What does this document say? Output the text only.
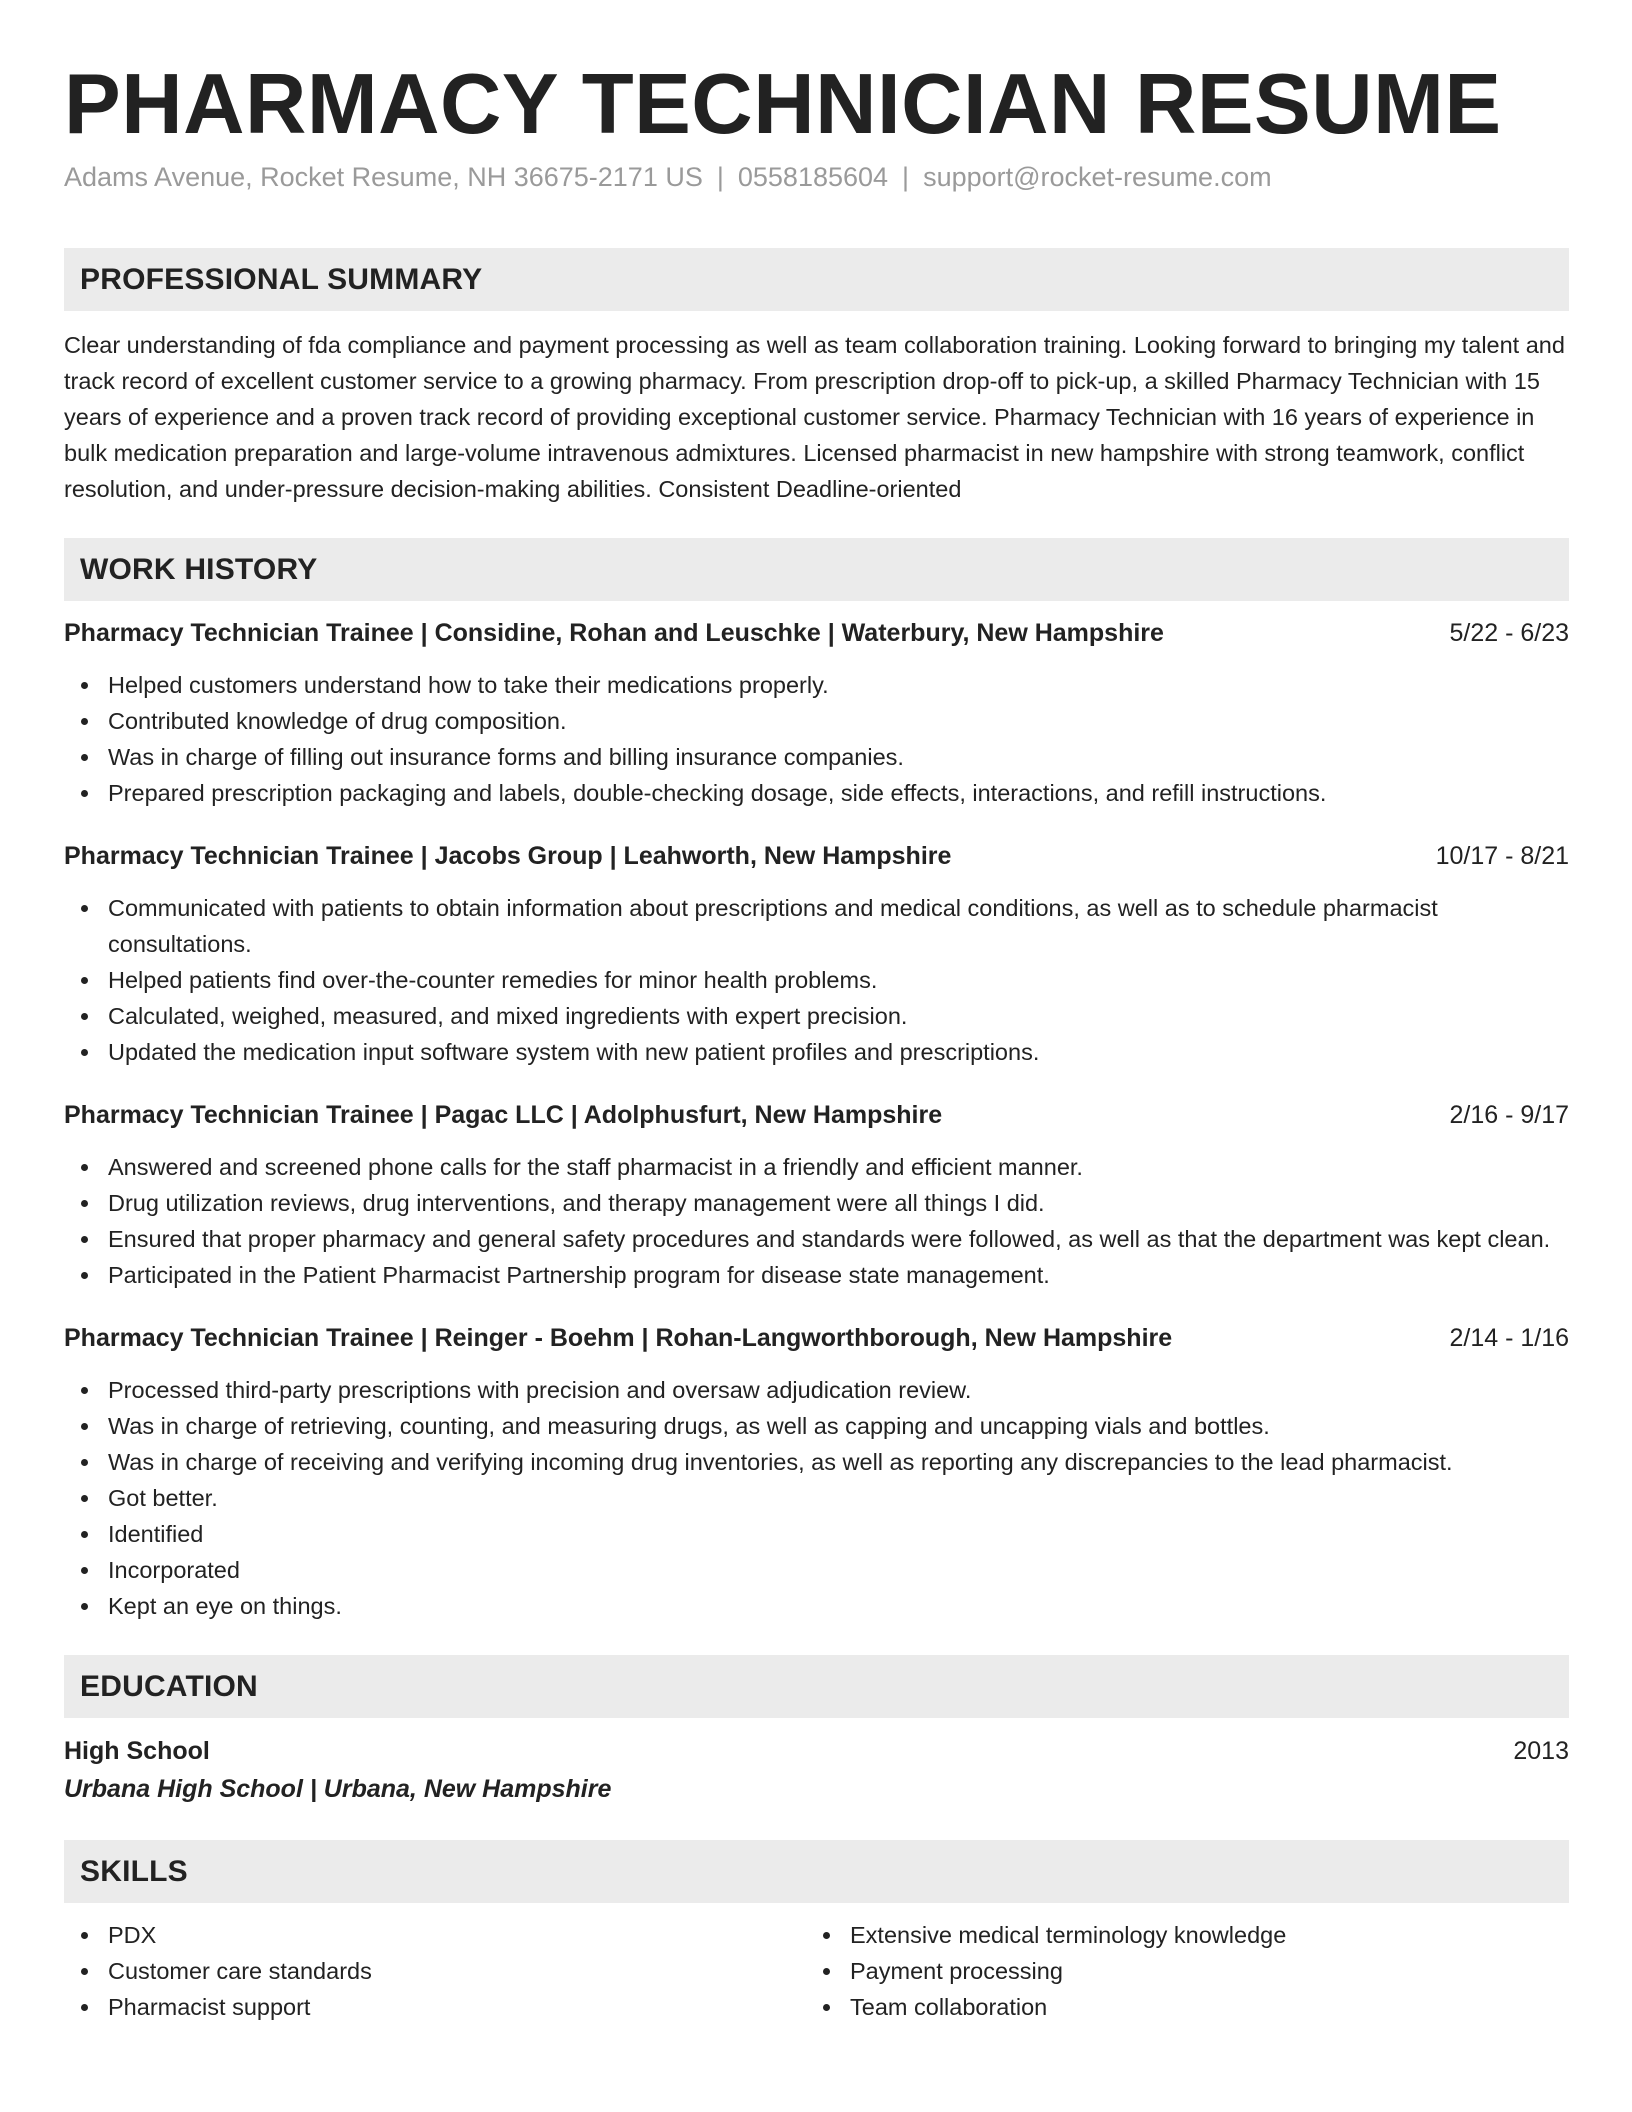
PHARMACY TECHNICIAN RESUME
Adams Avenue, Rocket Resume, NH 36675-2171 US | 0558185604 | support@rocket-resume.com
PROFESSIONAL SUMMARY
Clear understanding of fda compliance and payment processing as well as team collaboration training. Looking forward to bringing my talent and track record of excellent customer service to a growing pharmacy. From prescription drop-off to pick-up, a skilled Pharmacy Technician with 15 years of experience and a proven track record of providing exceptional customer service. Pharmacy Technician with 16 years of experience in bulk medication preparation and large-volume intravenous admixtures. Licensed pharmacist in new hampshire with strong teamwork, conflict resolution, and under-pressure decision-making abilities. Consistent Deadline-oriented
WORK HISTORY
Pharmacy Technician Trainee | Considine, Rohan and Leuschke | Waterbury, New Hampshire	5/22 - 6/23
Helped customers understand how to take their medications properly.
Contributed knowledge of drug composition.
Was in charge of filling out insurance forms and billing insurance companies.
Prepared prescription packaging and labels, double-checking dosage, side effects, interactions, and refill instructions.
Pharmacy Technician Trainee | Jacobs Group | Leahworth, New Hampshire	10/17 - 8/21
Communicated with patients to obtain information about prescriptions and medical conditions, as well as to schedule pharmacist consultations.
Helped patients find over-the-counter remedies for minor health problems.
Calculated, weighed, measured, and mixed ingredients with expert precision.
Updated the medication input software system with new patient profiles and prescriptions.
Pharmacy Technician Trainee | Pagac LLC | Adolphusfurt, New Hampshire	2/16 - 9/17
Answered and screened phone calls for the staff pharmacist in a friendly and efficient manner.
Drug utilization reviews, drug interventions, and therapy management were all things I did.
Ensured that proper pharmacy and general safety procedures and standards were followed, as well as that the department was kept clean.
Participated in the Patient Pharmacist Partnership program for disease state management.
Pharmacy Technician Trainee | Reinger - Boehm | Rohan-Langworthborough, New Hampshire	2/14 - 1/16
Processed third-party prescriptions with precision and oversaw adjudication review.
Was in charge of retrieving, counting, and measuring drugs, as well as capping and uncapping vials and bottles.
Was in charge of receiving and verifying incoming drug inventories, as well as reporting any discrepancies to the lead pharmacist.
Got better.
Identified
Incorporated
Kept an eye on things.
EDUCATION
High School	2013
Urbana High School | Urbana, New Hampshire
SKILLS
PDX
Customer care standards
Pharmacist support
Extensive medical terminology knowledge
Payment processing
Team collaboration
